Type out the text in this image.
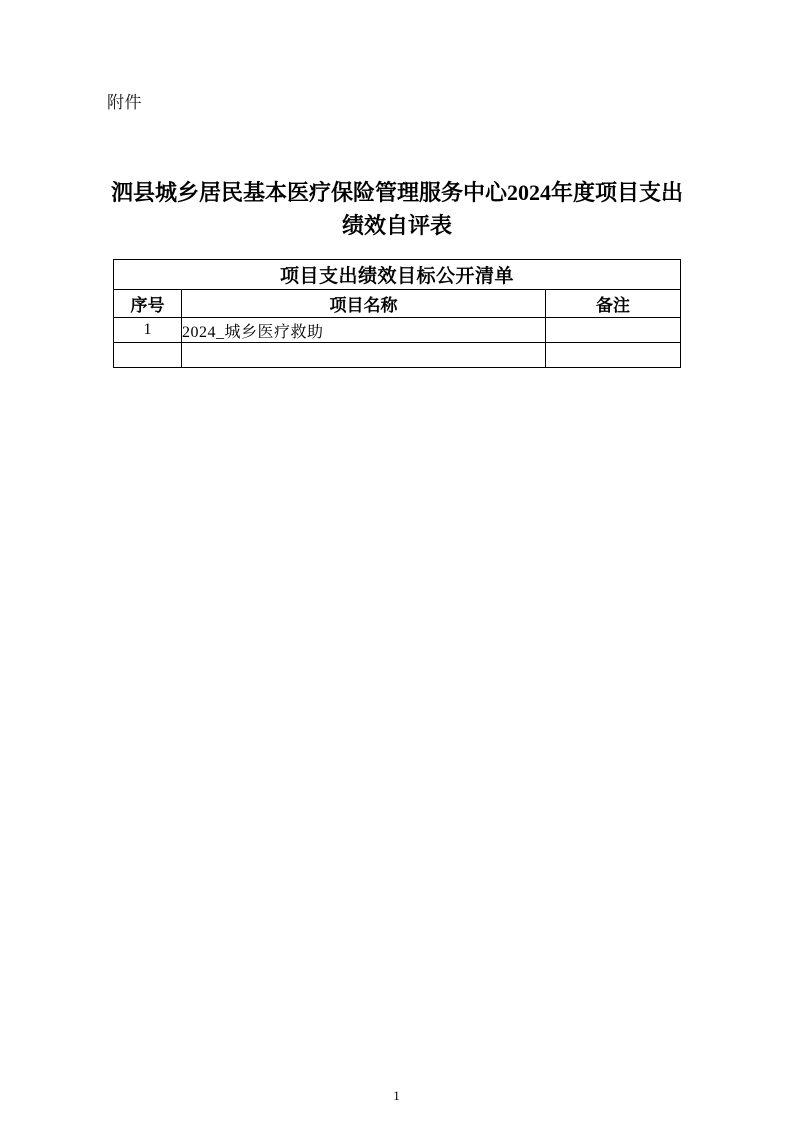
附件
泗县城乡居民基本医疗保险管理服务中心2024年度项目支出绩效自评表
项目支出绩效目标公开清单		
序号	项目名称	备注
1	2024_城乡医疗救助	

1
